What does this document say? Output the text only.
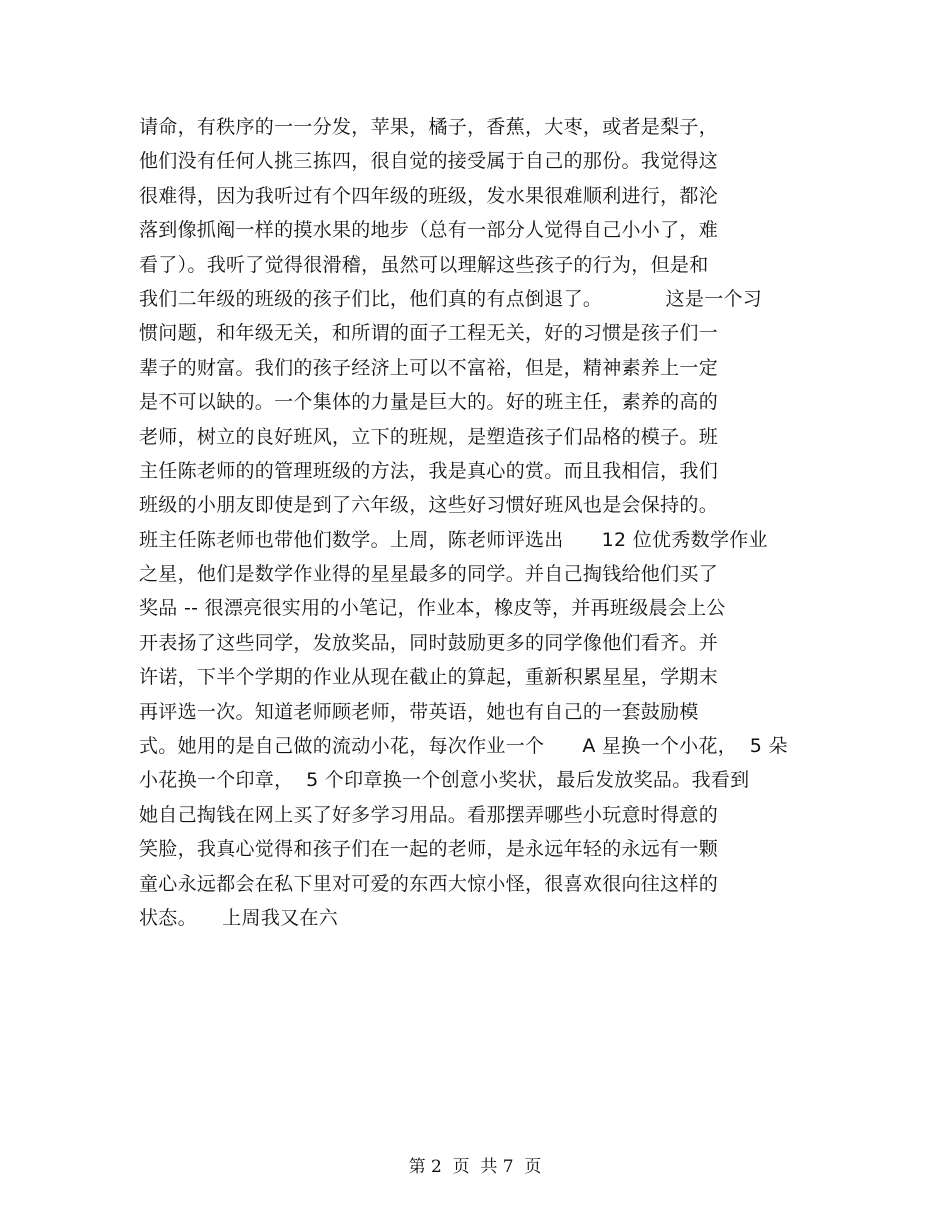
请命，有秩序的一一分发，苹果，橘子，香蕉，大枣，或者是梨子，
他们没有任何人挑三拣四，很自觉的接受属于自己的那份。我觉得这
很难得，因为我听过有个四年级的班级，发水果很难顺利进行，都沦
落到像抓阄一样的摸水果的地步（总有一部分人觉得自己小小了，难
看了）。我听了觉得很滑稽，虽然可以理解这些孩子的行为，但是和
我们二年级的班级的孩子们比，他们真的有点倒退了。          这是一个习
惯问题，和年级无关，和所谓的面子工程无关，好的习惯是孩子们一
辈子的财富。我们的孩子经济上可以不富裕，但是，精神素养上一定
是不可以缺的。一个集体的力量是巨大的。好的班主任，素养的高的
老师，树立的良好班风，立下的班规，是塑造孩子们品格的模子。班
主任陈老师的的管理班级的方法，我是真心的赏。而且我相信，我们
班级的小朋友即使是到了六年级，这些好习惯好班风也是会保持的。
班主任陈老师也带他们数学。上周，陈老师评选出      12 位优秀数学作业
之星，他们是数学作业得的星星最多的同学。并自己掏钱给他们买了
奖品 -- 很漂亮很实用的小笔记，作业本，橡皮等，并再班级晨会上公
开表扬了这些同学，发放奖品，同时鼓励更多的同学像他们看齐。并
许诺，下半个学期的作业从现在截止的算起，重新积累星星，学期末
再评选一次。知道老师顾老师，带英语，她也有自己的一套鼓励模
式。她用的是自己做的流动小花，每次作业一个      A 星换一个小花，  5 朵
小花换一个印章，  5 个印章换一个创意小奖状，最后发放奖品。我看到
她自己掏钱在网上买了好多学习用品。看那摆弄哪些小玩意时得意的
笑脸，我真心觉得和孩子们在一起的老师，是永远年轻的永远有一颗
童心永远都会在私下里对可爱的东西大惊小怪，很喜欢很向往这样的
状态。    上周我又在六
第 2  页  共 7  页
